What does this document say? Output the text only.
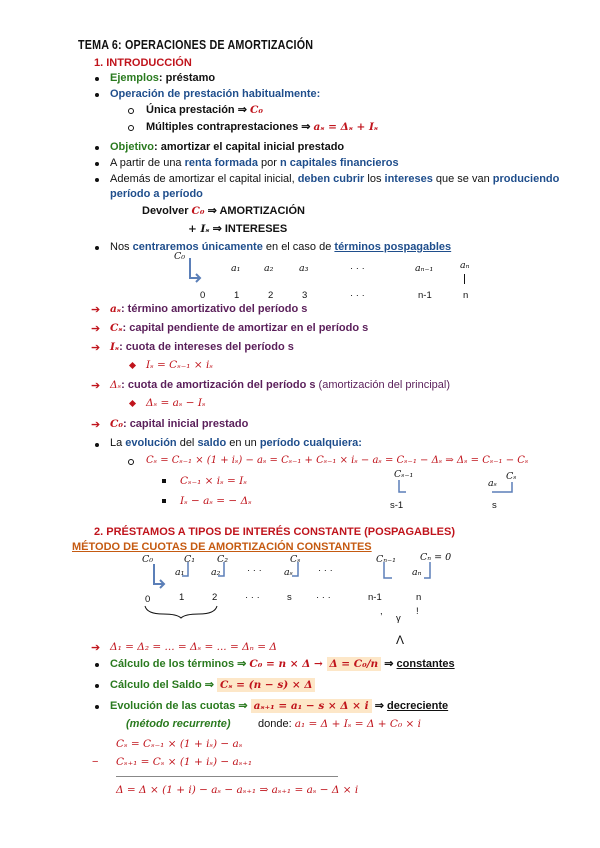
TEMA 6: OPERACIONES DE AMORTIZACIÓN
1. INTRODUCCIÓN
Ejemplos: préstamo
Operación de prestación habitualmente:
Única prestación ⇒ C₀
Múltiples contraprestaciones ⇒ aₛ = Δₛ + Iₛ
Objetivo: amortizar el capital inicial prestado
A partir de una renta formada por n capitales financieros
Además de amortizar el capital inicial, deben cubrir los intereses que se van produciendo
período a período
Devolver C₀ ⇒ AMORTIZACIÓN
+ Iₛ ⇒ INTERESES
Nos centraremos únicamente en el caso de términos pospagables
C₀
a₁ a₂	a₃	· · ·	aₙ₋₁	aₙ
0	1	2	3	· · ·	n-1	n
➔ aₛ: término amortizativo del período s
➔ Cₛ: capital pendiente de amortizar en el período s
➔ Iₛ: cuota de intereses del período s
Iₛ = Cₛ₋₁ × iₛ
➔ Δₛ: cuota de amortización del período s (amortización del principal)
Δₛ = aₛ − Iₛ
➔ C₀: capital inicial prestado
La evolución del saldo en un período cualquiera:
Cₛ = Cₛ₋₁ × (1 + iₛ) − aₛ = Cₛ₋₁ + Cₛ₋₁ × iₛ − aₛ = Cₛ₋₁ − Δₛ ⇒ Δₛ = Cₛ₋₁ − Cₛ
Cₛ₋₁ × iₛ = Iₛ
Iₛ − aₛ = − Δₛ
Cₛ₋₁
aₛ
Cₛ
s-1	s
2. PRÉSTAMOS A TIPOS DE INTERÉS CONSTANTE (POSPAGABLES)
MÉTODO DE CUOTAS DE AMORTIZACIÓN CONSTANTES
C₀	C₁ C₂
· · ·
Cₛ
· · ·
Cₙ₋₁	Cₙ = 0
a₁	a₂	aₛ	aₙ
0	1	2	· · ·	s	· · ·	n-1	n
,
γ
!
Λ
➔ Δ₁ = Δ₂ = ... = Δₛ = ... = Δₙ = Δ
Cálculo de los términos ⇒ C₀ = n × Δ → Δ = C₀/n ⇒ constantes
Cálculo del Saldo ⇒ Cₛ = (n − s) × Δ
Evolución de las cuotas ⇒ aₛ₊₁ = a₁ − s × Δ × i ⇒ decreciente
(método recurrente) donde: a₁ = Δ + Iₛ = Δ + C₀ × i
Cₛ = Cₛ₋₁ × (1 + iₛ) − aₛ
− Cₛ₊₁ = Cₛ × (1 + iₛ) − aₛ₊₁
Δ = Δ × (1 + i) − aₛ − aₛ₊₁ ⇒ aₛ₊₁ = aₛ − Δ × i
